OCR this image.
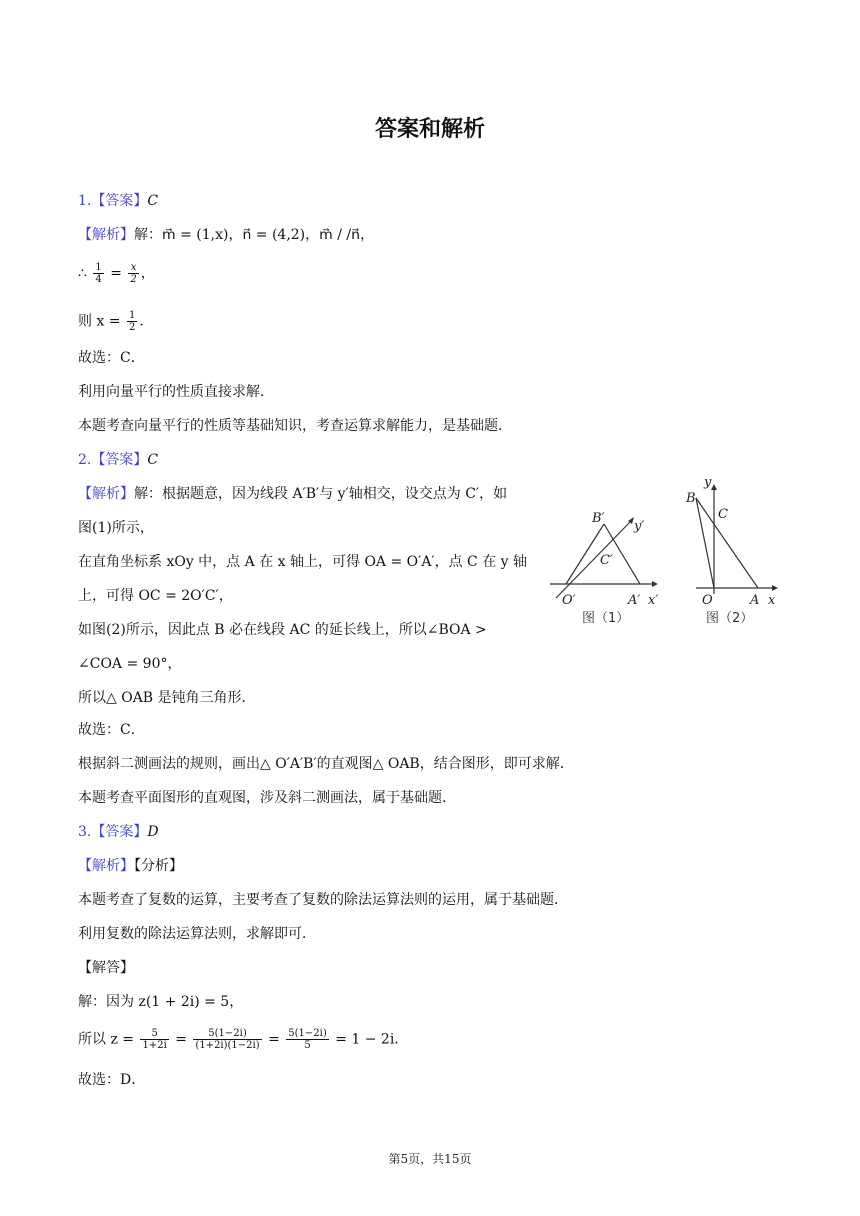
答案和解析
1.【答案】C
【解析】解：m⃗ = (1,x)，n⃗ = (4,2)，m⃗ / /n⃗，
∴ $\frac{1}{4} = \frac{x}{2}$ ，
则 $x = \frac{1}{2}$ ．
故选：C．
利用向量平行的性质直接求解．
本题考查向量平行的性质等基础知识，考查运算求解能力，是基础题．
2.【答案】C
【解析】解：根据题意，因为线段 A′B′与 y′轴相交，设交点为 C′，如
图(1)所示，
在直角坐标系 xOy 中，点 A 在 x 轴上，可得 OA = O′A′，点 C 在 y 轴
上，可得 OC = 2O′C′，
如图(2)所示，因此点 B 必在线段 AC 的延长线上，所以∠BOA >
∠COA = 90°，
所以△ OAB 是钝角三角形．
故选：C．
根据斜二测画法的规则，画出△ O′A′B′的直观图△ OAB，结合图形，即可求解．
本题考查平面图形的直观图，涉及斜二测画法，属于基础题．
B′
C′
y′
O′	A′ x′
图（1）
B
C
y
O	A x
图（2）
3.【答案】D
【解析】【分析】
本题考查了复数的运算，主要考查了复数的除法运算法则的运用，属于基础题．
利用复数的除法运算法则，求解即可．
【解答】
解：因为 z(1 + 2i) = 5，
所以 $z = \frac{5}{1+2i} = \frac{5(1-2i)}{(1+2i)(1-2i)} = \frac{5(1-2i)}{5} = 1 - 2i$．
故选：D．
第5页，共15页
